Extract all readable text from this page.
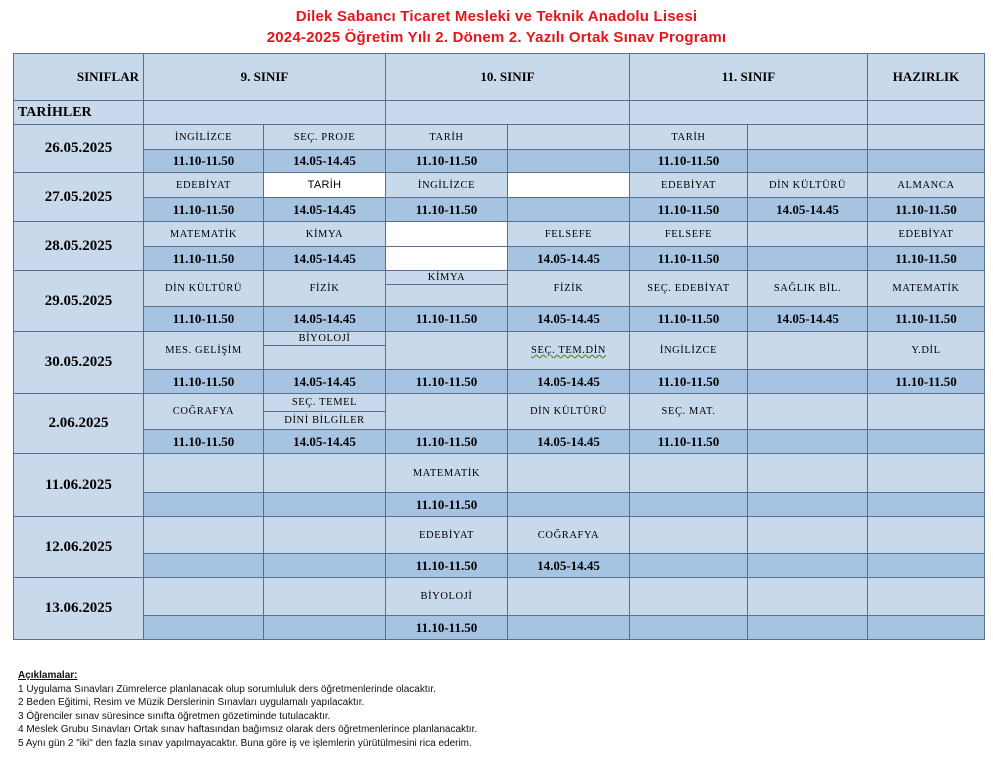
Dilek Sabancı Ticaret Mesleki ve Teknik Anadolu Lisesi
2024-2025 Öğretim Yılı 2. Dönem 2. Yazılı Ortak Sınav Programı
SINIFLAR	9. SINIF		10. SINIF		11. SINIF		HAZIRLIK
TARİHLER							
26.05.2025	İNGİLİZCE	SEÇ. PROJE	TARİH		TARİH		
	11.10-11.50	14.05-14.45	11.10-11.50		11.10-11.50		
27.05.2025	EDEBİYAT	TARİH	İNGİLİZCE		EDEBİYAT	DİN KÜLTÜRÜ	ALMANCA
	11.10-11.50	14.05-14.45	11.10-11.50		11.10-11.50	14.05-14.45	11.10-11.50
28.05.2025	MATEMATİK	KİMYA		FELSEFE	FELSEFE		EDEBİYAT
	11.10-11.50	14.05-14.45		14.05-14.45	11.10-11.50		11.10-11.50
29.05.2025	DİN KÜLTÜRÜ	FİZİK	KİMYA	FİZİK	SEÇ. EDEBİYAT	SAĞLIK BİL.	MATEMATİK

	11.10-11.50	14.05-14.45	11.10-11.50	14.05-14.45	11.10-11.50	14.05-14.45	11.10-11.50
30.05.2025	MES. GELİŞİM	BİYOLOJİ		SEÇ. TEM.DİN	İNGİLİZCE		Y.DİL

	11.10-11.50	14.05-14.45	11.10-11.50	14.05-14.45	11.10-11.50		11.10-11.50
2.06.2025	COĞRAFYA	SEÇ. TEMEL		DİN KÜLTÜRÜ	SEÇ. MAT.		
		DİNİ BİLGİLER					
	11.10-11.50	14.05-14.45	11.10-11.50	14.05-14.45	11.10-11.50		
11.06.2025			MATEMATİK				
			11.10-11.50				
12.06.2025			EDEBİYAT	COĞRAFYA			
			11.10-11.50	14.05-14.45			
13.06.2025			BİYOLOJİ				
			11.10-11.50				
Açıklamalar:
1 Uygulama Sınavları Zümrelerce planlanacak olup sorumluluk ders öğretmenlerinde olacaktır.
2 Beden Eğitimi, Resim ve Müzik Derslerinin Sınavları uygulamalı yapılacaktır.
3 Öğrenciler sınav süresince sınıfta öğretmen gözetiminde tutulacaktır.
4 Meslek Grubu Sınavları Ortak sınav haftasından bağımsız olarak ders öğretmenlerince planlanacaktır.
5 Aynı gün 2 "iki" den fazla sınav yapılmayacaktır. Buna göre iş ve işlemlerin yürütülmesini rica ederim.
